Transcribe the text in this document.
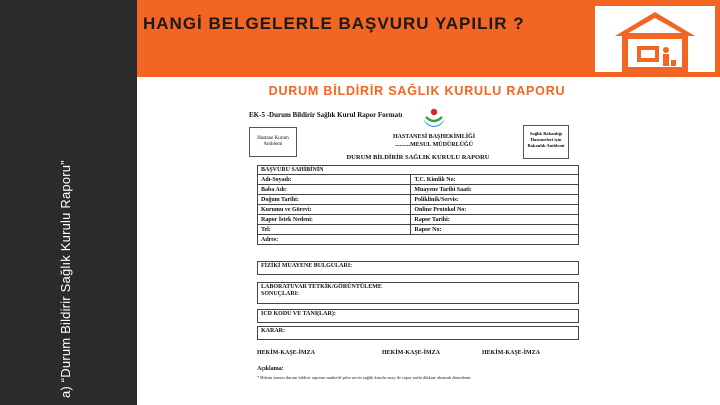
a) “Durum Bildirir Sağlık Kurulu Raporu”
HANGİ BELGELERLE BAŞVURU YAPILIR ?
DURUM BİLDİRİR SAĞLIK KURULU RAPORU
EK-5 -Durum Bildirir Sağlık Kurul Rapor Formatı
Hastane Kurum Amblemi
Sağlık Bakanlığı Hastaneleri için Bakanlık Amblemi
HASTANESİ BAŞHEKİMLİĞİ
..........MESUL MÜDÜRLÜĞÜ
DURUM BİLDİRİR SAĞLIK KURULU RAPORU
BAŞVURU SAHİBİNİN	
Adı-Soyadı:	T.C. Kimlik No:
Baba Adı:	Muayene Tarihi Saati:
Doğum Tarihi:	Poliklinik/Servis:
Kurumu ve Görevi:	Online Protokol No:
Rapor İstek Nedeni:	Rapor Tarihi:
Tel:	Rapor No:
Adres:	
FİZİKİ MUAYENE BULGULARI:
LABORATUVAR TETKİK/GÖRÜNTÜLEME
SONUÇLARI:
ICD KODU VE TANI(LAR):
KARAR:
HEKİM-KAŞE-İMZA	HEKİM-KAŞE-İMZA	HEKİM-KAŞE-İMZA
Açıklama:
* Hekim imzası durum bildirir raporun muhtelif şube servis sağlık kurulu onay ile rapor tarihi dikkate alınarak düzenlenir.
